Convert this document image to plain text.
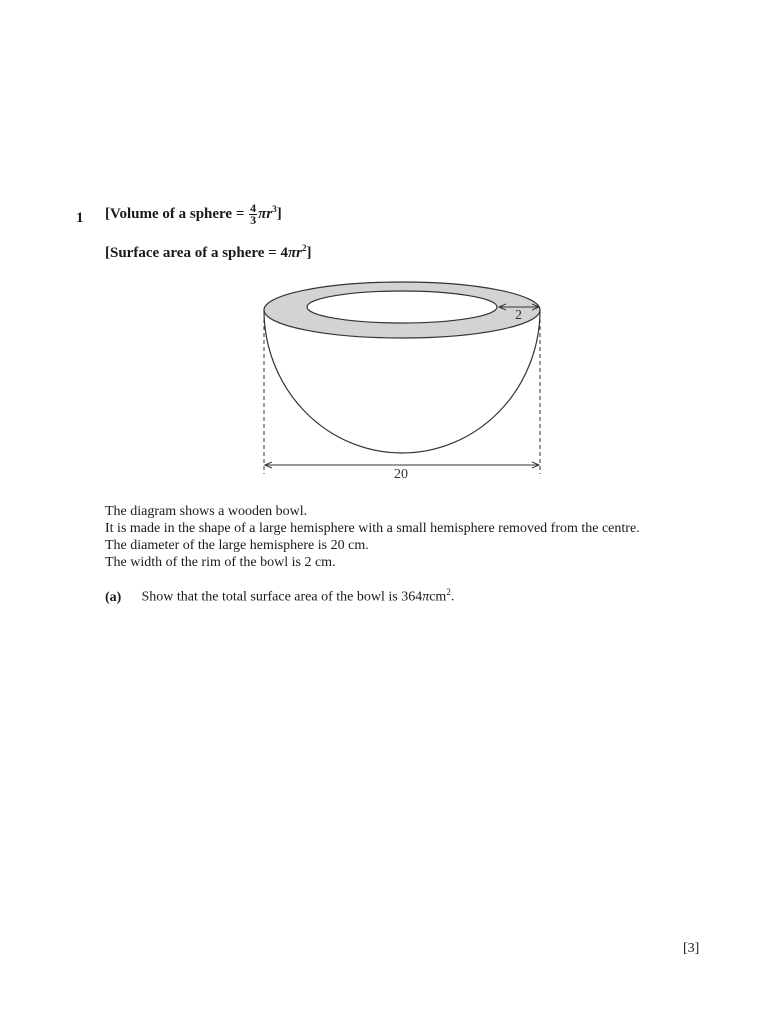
1 [Volume of a sphere = $\frac{4}{3} \pi r^3$]
[Surface area of a sphere = $4\pi r^2$]
2
20
The diagram shows a wooden bowl.
It is made in the shape of a large hemisphere with a small hemisphere removed from the centre.
The diameter of the large hemisphere is 20 cm.
The width of the rim of the bowl is 2 cm.
(a) Show that the total surface area of the bowl is 364πcm$^2$.
[3]
